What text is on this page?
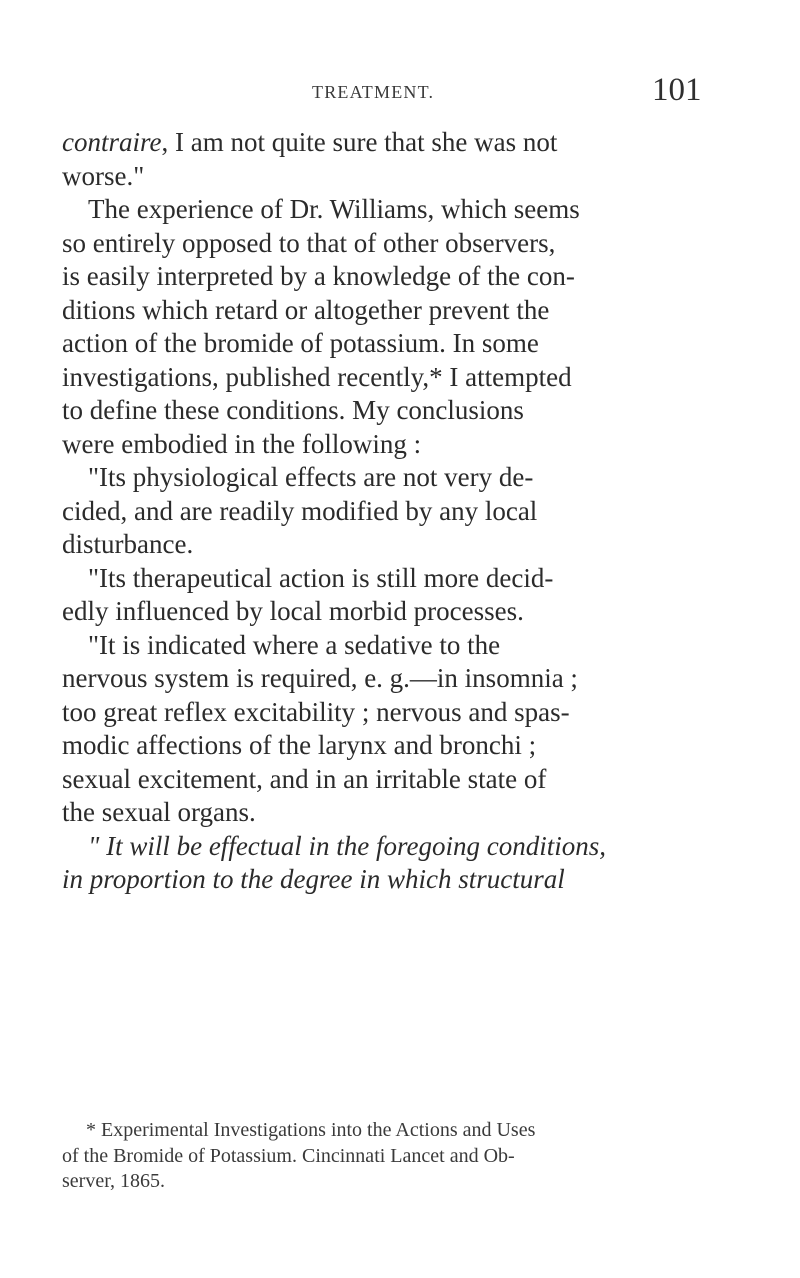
TREATMENT.	101
contraire, I am not quite sure that she was not
worse."
The experience of Dr. Williams, which seems
so entirely opposed to that of other observers,
is easily interpreted by a knowledge of the con-
ditions which retard or altogether prevent the
action of the bromide of potassium. In some
investigations, published recently,* I attempted
to define these conditions. My conclusions
were embodied in the following :
"Its physiological effects are not very de-
cided, and are readily modified by any local
disturbance.
"Its therapeutical action is still more decid-
edly influenced by local morbid processes.
"It is indicated where a sedative to the
nervous system is required, e. g.—in insomnia ;
too great reflex excitability ; nervous and spas-
modic affections of the larynx and bronchi ;
sexual excitement, and in an irritable state of
the sexual organs.
" It will be effectual in the foregoing conditions,
in proportion to the degree in which structural
* Experimental Investigations into the Actions and Uses
of the Bromide of Potassium. Cincinnati Lancet and Ob-
server, 1865.
